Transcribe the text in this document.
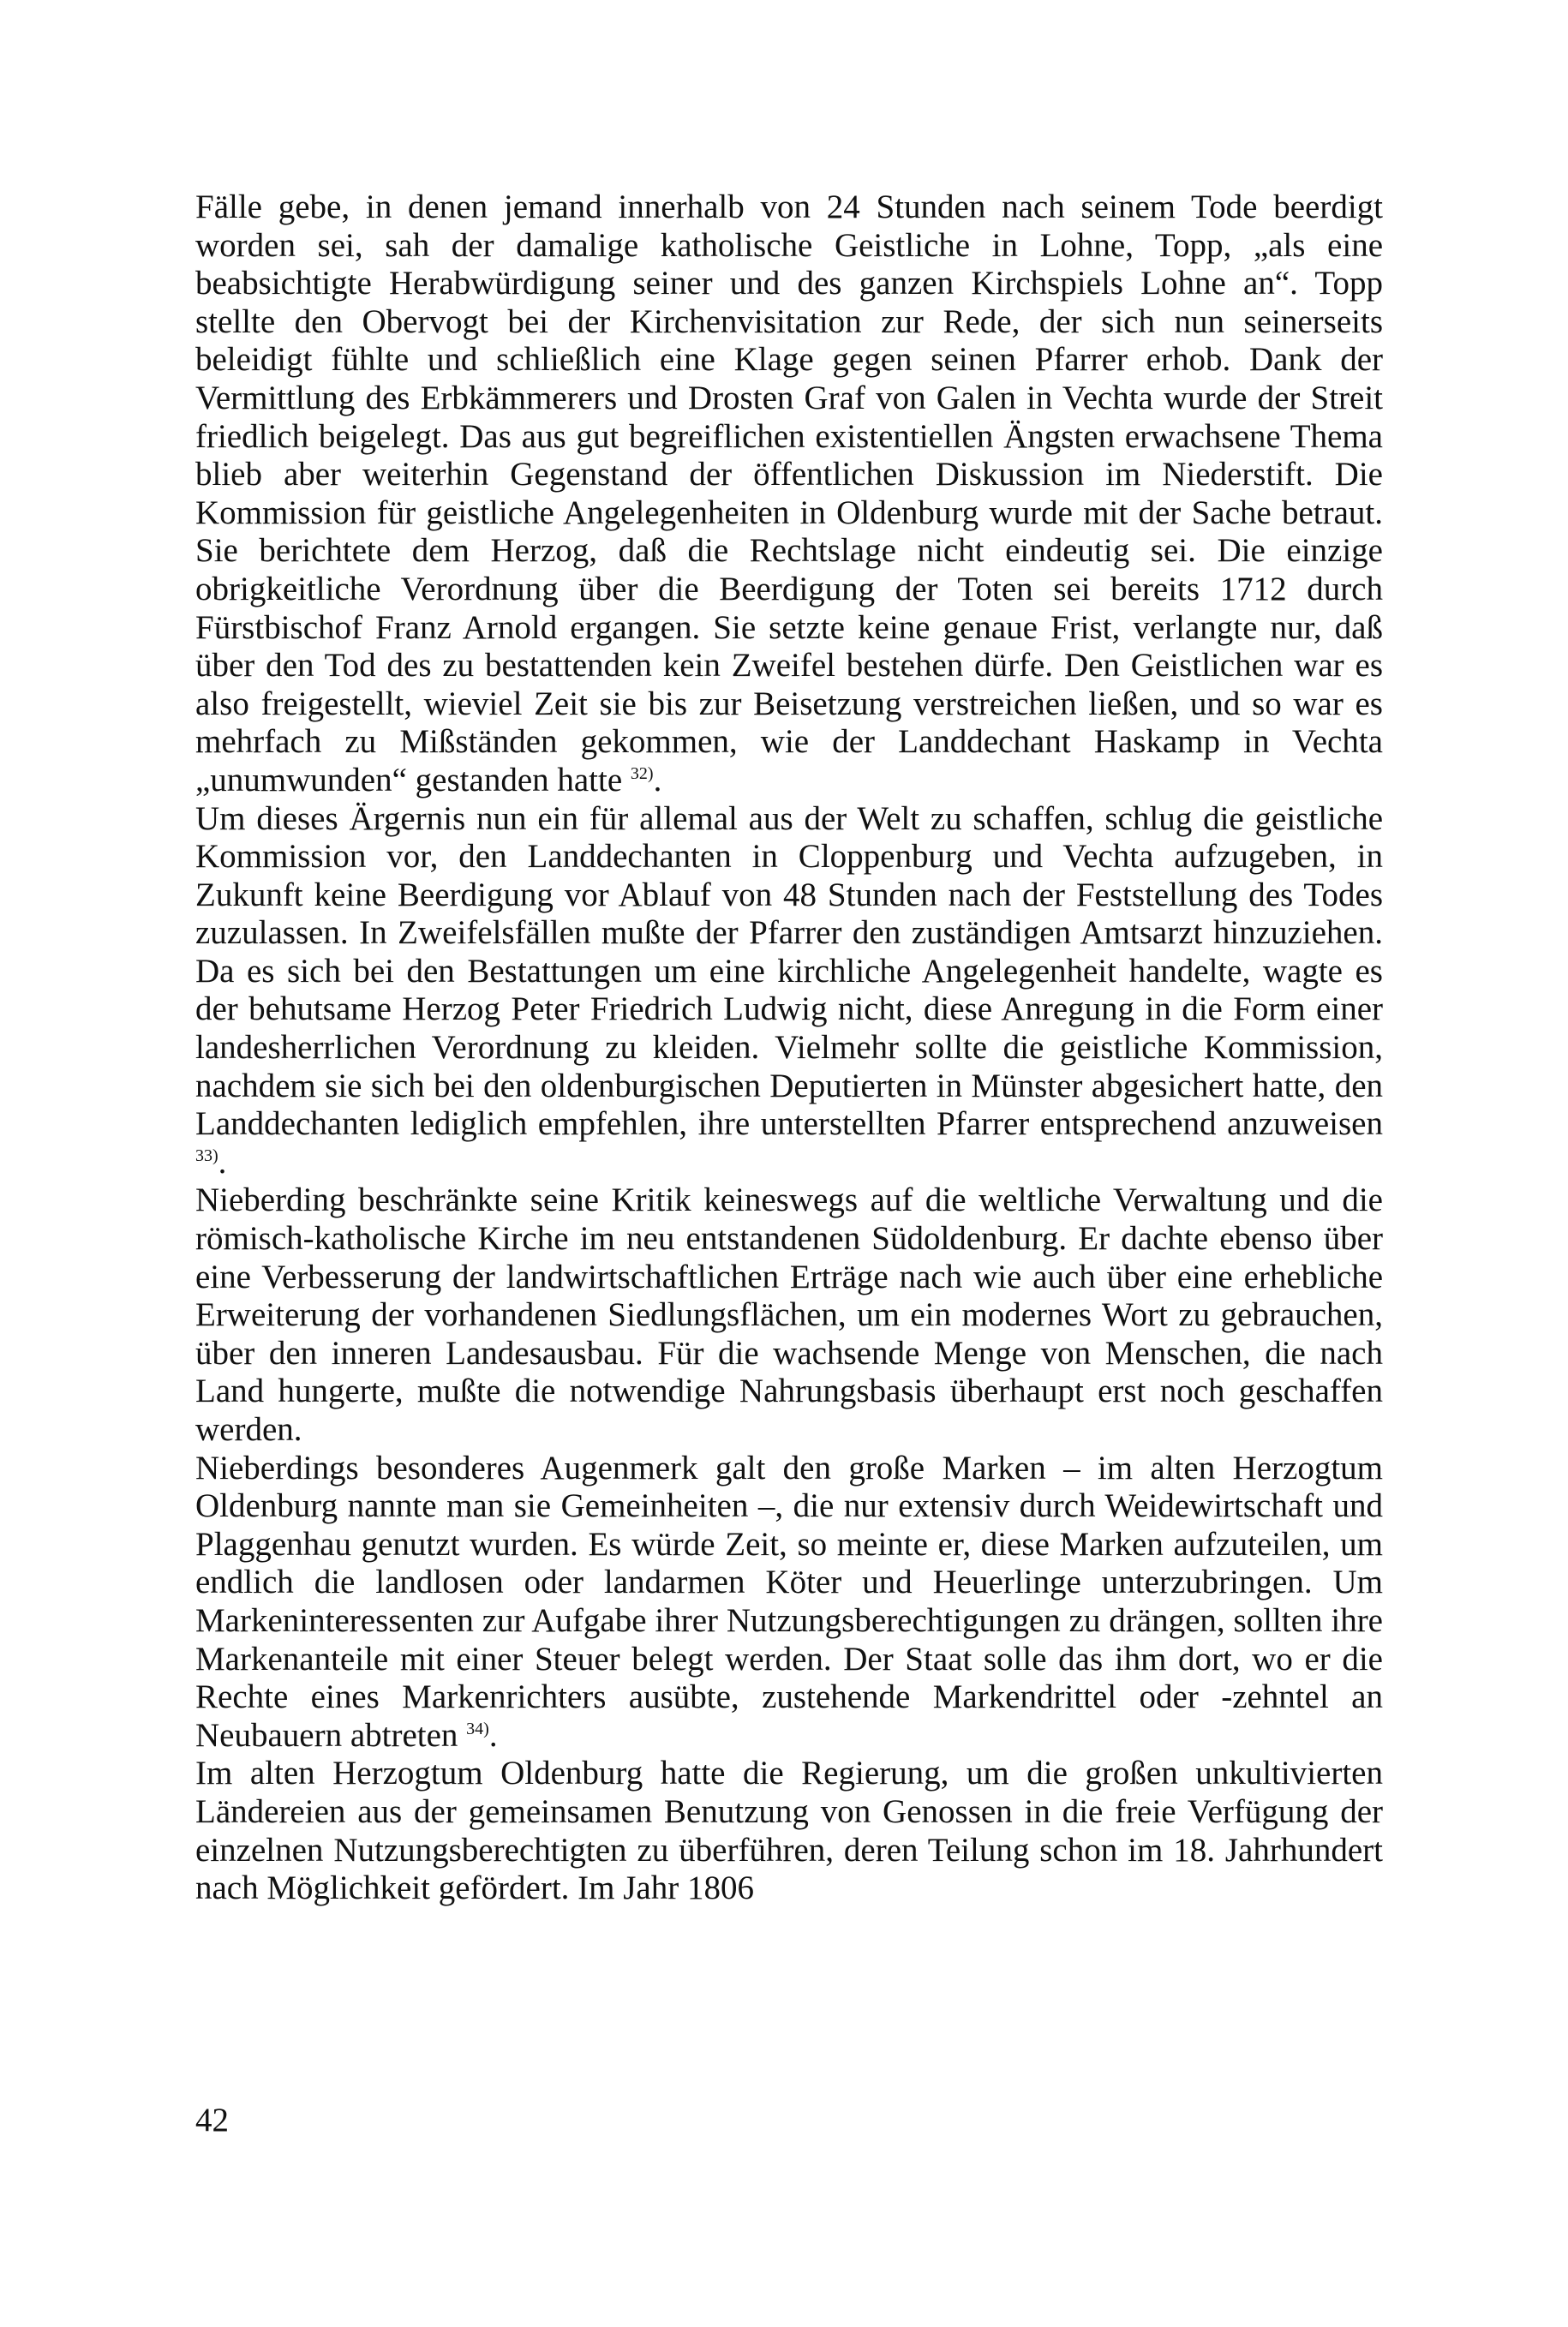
Fälle gebe, in denen jemand innerhalb von 24 Stunden nach seinem Tode beerdigt worden sei, sah der damalige katholische Geistliche in Lohne, Topp, „als eine beabsichtigte Herabwürdigung seiner und des ganzen Kirchspiels Lohne an“. Topp stellte den Obervogt bei der Kirchenvisitation zur Rede, der sich nun seinerseits beleidigt fühlte und schließlich eine Klage gegen seinen Pfarrer erhob. Dank der Vermittlung des Erbkämmerers und Drosten Graf von Galen in Vechta wurde der Streit friedlich beigelegt. Das aus gut begreiflichen existentiellen Ängsten erwachsene Thema blieb aber weiterhin Gegenstand der öffentlichen Diskussion im Niederstift. Die Kommission für geistliche Angelegenheiten in Oldenburg wurde mit der Sache betraut. Sie berichtete dem Herzog, daß die Rechtslage nicht eindeutig sei. Die einzige obrigkeitliche Verordnung über die Beerdigung der Toten sei bereits 1712 durch Fürstbischof Franz Arnold ergangen. Sie setzte keine genaue Frist, verlangte nur, daß über den Tod des zu bestattenden kein Zweifel bestehen dürfe. Den Geistlichen war es also freigestellt, wieviel Zeit sie bis zur Beisetzung verstreichen ließen, und so war es mehrfach zu Mißständen gekommen, wie der Landdechant Haskamp in Vechta „unumwunden“ gestanden hatte $^{32)}$.

Um dieses Ärgernis nun ein für allemal aus der Welt zu schaffen, schlug die geistliche Kommission vor, den Landdechanten in Cloppenburg und Vechta aufzugeben, in Zukunft keine Beerdigung vor Ablauf von 48 Stunden nach der Feststellung des Todes zuzulassen. In Zweifelsfällen mußte der Pfarrer den zuständigen Amtsarzt hinzuziehen. Da es sich bei den Bestattungen um eine kirchliche Angelegenheit handelte, wagte es der behutsame Herzog Peter Friedrich Ludwig nicht, diese Anregung in die Form einer landesherrlichen Verordnung zu kleiden. Vielmehr sollte die geistliche Kommission, nachdem sie sich bei den oldenburgischen Deputierten in Münster abgesichert hatte, den Landdechanten lediglich empfehlen, ihre unterstellten Pfarrer entsprechend anzuweisen $^{33)}$.

Nieberding beschränkte seine Kritik keineswegs auf die weltliche Verwaltung und die römisch-katholische Kirche im neu entstandenen Südoldenburg. Er dachte ebenso über eine Verbesserung der landwirtschaftlichen Erträge nach wie auch über eine erhebliche Erweiterung der vorhandenen Siedlungsflächen, um ein modernes Wort zu gebrauchen, über den inneren Landesausbau. Für die wachsende Menge von Menschen, die nach Land hungerte, mußte die notwendige Nahrungsbasis überhaupt erst noch geschaffen werden.

Nieberdings besonderes Augenmerk galt den große Marken – im alten Herzogtum Oldenburg nannte man sie Gemeinheiten –, die nur extensiv durch Weidewirtschaft und Plaggenhau genutzt wurden. Es würde Zeit, so meinte er, diese Marken aufzuteilen, um endlich die landlosen oder landarmen Köter und Heuerlinge unterzubringen. Um Markeninteressenten zur Aufgabe ihrer Nutzungsberechtigungen zu drängen, sollten ihre Markenanteile mit einer Steuer belegt werden. Der Staat solle das ihm dort, wo er die Rechte eines Markenrichters ausübte, zustehende Markendrittel oder -zehntel an Neubauern abtreten $^{34)}$.

Im alten Herzogtum Oldenburg hatte die Regierung, um die großen unkultivierten Ländereien aus der gemeinsamen Benutzung von Genossen in die freie Verfügung der einzelnen Nutzungsberechtigten zu überführen, deren Teilung schon im 18. Jahrhundert nach Möglichkeit gefördert. Im Jahr 1806

42
